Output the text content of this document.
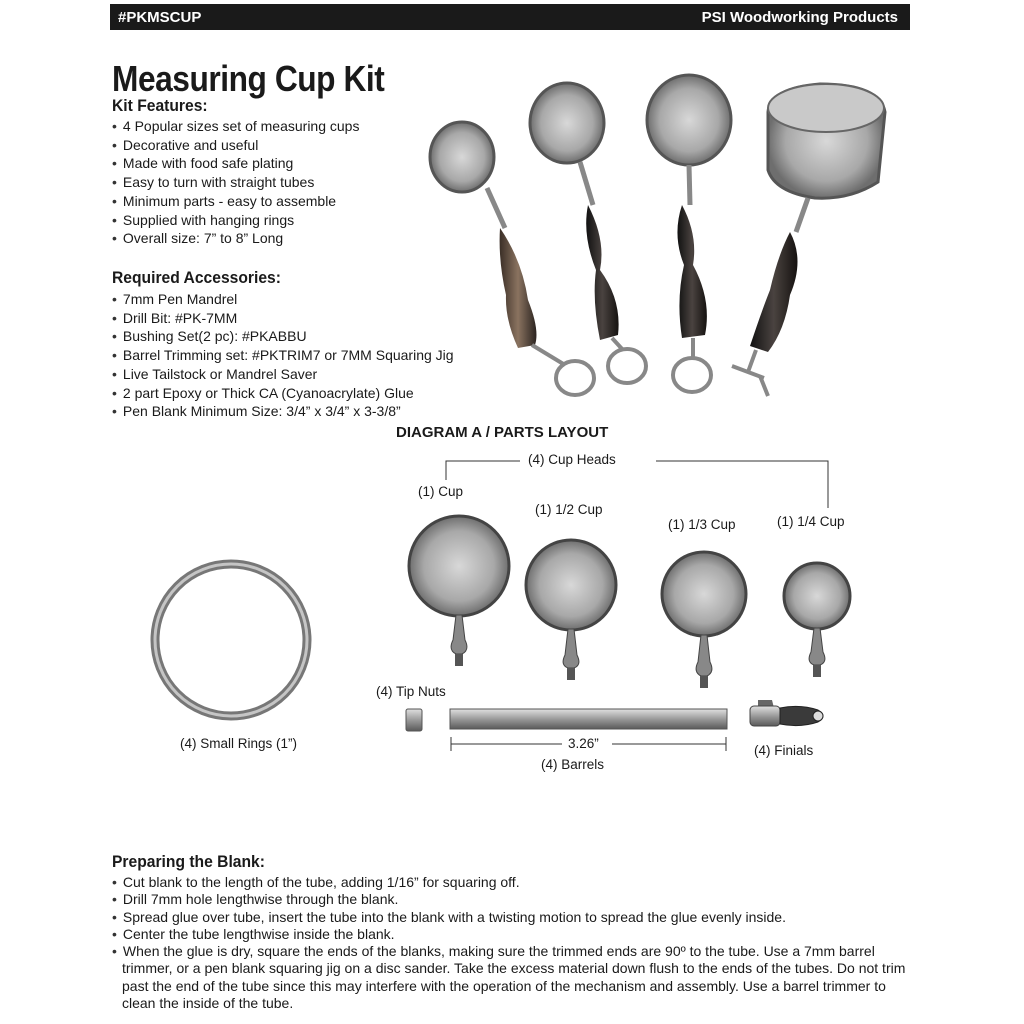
#PKMSCUP	PSI Woodworking Products
Measuring Cup Kit
Kit Features:
• 4 Popular sizes set of measuring cups
• Decorative and useful
• Made with food safe plating
• Easy to turn with straight tubes
• Minimum parts - easy to assemble
• Supplied with hanging rings
• Overall size: 7” to 8” Long
Required Accessories:
• 7mm Pen Mandrel
• Drill Bit: #PK-7MM
• Bushing Set(2 pc): #PKABBU
• Barrel Trimming set: #PKTRIM7 or 7MM Squaring Jig
• Live Tailstock or Mandrel Saver
• 2 part Epoxy or Thick CA (Cyanoacrylate) Glue
• Pen Blank Minimum Size: 3/4” x 3/4” x 3-3/8”
DIAGRAM A / PARTS LAYOUT
(4) Cup Heads
(1) Cup
(1) 1/2 Cup
(1) 1/3 Cup	(1) 1/4 Cup
(4) Tip Nuts
(4) Small Rings (1”)	3.26”
(4) Barrels
(4) Finials
Preparing the Blank:
• Cut blank to the length of the tube, adding 1/16” for squaring off.
• Drill 7mm hole lengthwise through the blank.
• Spread glue over tube, insert the tube into the blank with a twisting motion to spread the glue evenly inside.
• Center the tube lengthwise inside the blank.
• When the glue is dry, square the ends of the blanks, making sure the trimmed ends are 90º to the tube. Use a 7mm barrel trimmer, or a pen blank squaring jig on a disc sander. Take the excess material down flush to the ends of the tubes. Do not trim past the end of the tube since this may interfere with the operation of the mechanism and assembly. Use a barrel trimmer to clean the inside of the tube.
